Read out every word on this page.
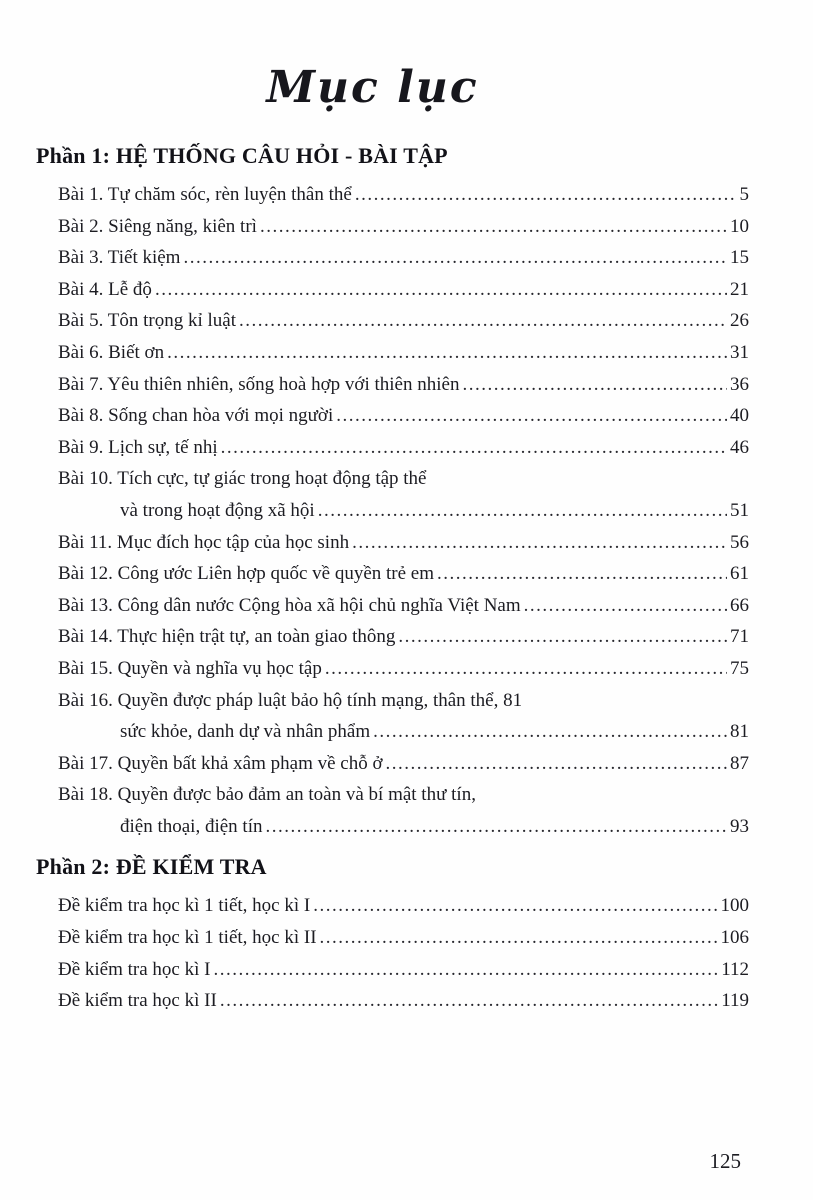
Mục lục
Phần 1: HỆ THỐNG CÂU HỎI - BÀI TẬP
Bài 1. Tự chăm sóc, rèn luyện thân thể .....	5
Bài 2. Siêng năng, kiên trì .....	10
Bài 3. Tiết kiệm .....	15
Bài 4. Lễ độ .....	21
Bài 5. Tôn trọng kỉ luật .....	26
Bài 6. Biết ơn .....	31
Bài 7. Yêu thiên nhiên, sống hoà hợp với thiên nhiên .....	36
Bài 8. Sống chan hòa với mọi người .....	40
Bài 9. Lịch sự, tế nhị .....	46
Bài 10. Tích cực, tự giác trong hoạt động tập thể
và trong hoạt động xã hội .....	51
Bài 11. Mục đích học tập của học sinh .....	56
Bài 12. Công ước Liên hợp quốc về quyền trẻ em .....	61
Bài 13. Công dân nước Cộng hòa xã hội chủ nghĩa Việt Nam .....	66
Bài 14. Thực hiện trật tự, an toàn giao thông .....	71
Bài 15. Quyền và nghĩa vụ học tập .....	75
Bài 16. Quyền được pháp luật bảo hộ tính mạng, thân thể, 81
sức khỏe, danh dự và nhân phẩm .....	81
Bài 17. Quyền bất khả xâm phạm về chỗ ở .....	87
Bài 18. Quyền được bảo đảm an toàn và bí mật thư tín,
điện thoại, điện tín .....	93
Phần 2: ĐỀ KIỂM TRA
Đề kiểm tra học kì 1 tiết, học kì I .....	100
Đề kiểm tra học kì 1 tiết, học kì II .....	106
Đề kiểm tra học kì I .....	112
Đề kiểm tra học kì II .....	119
125
